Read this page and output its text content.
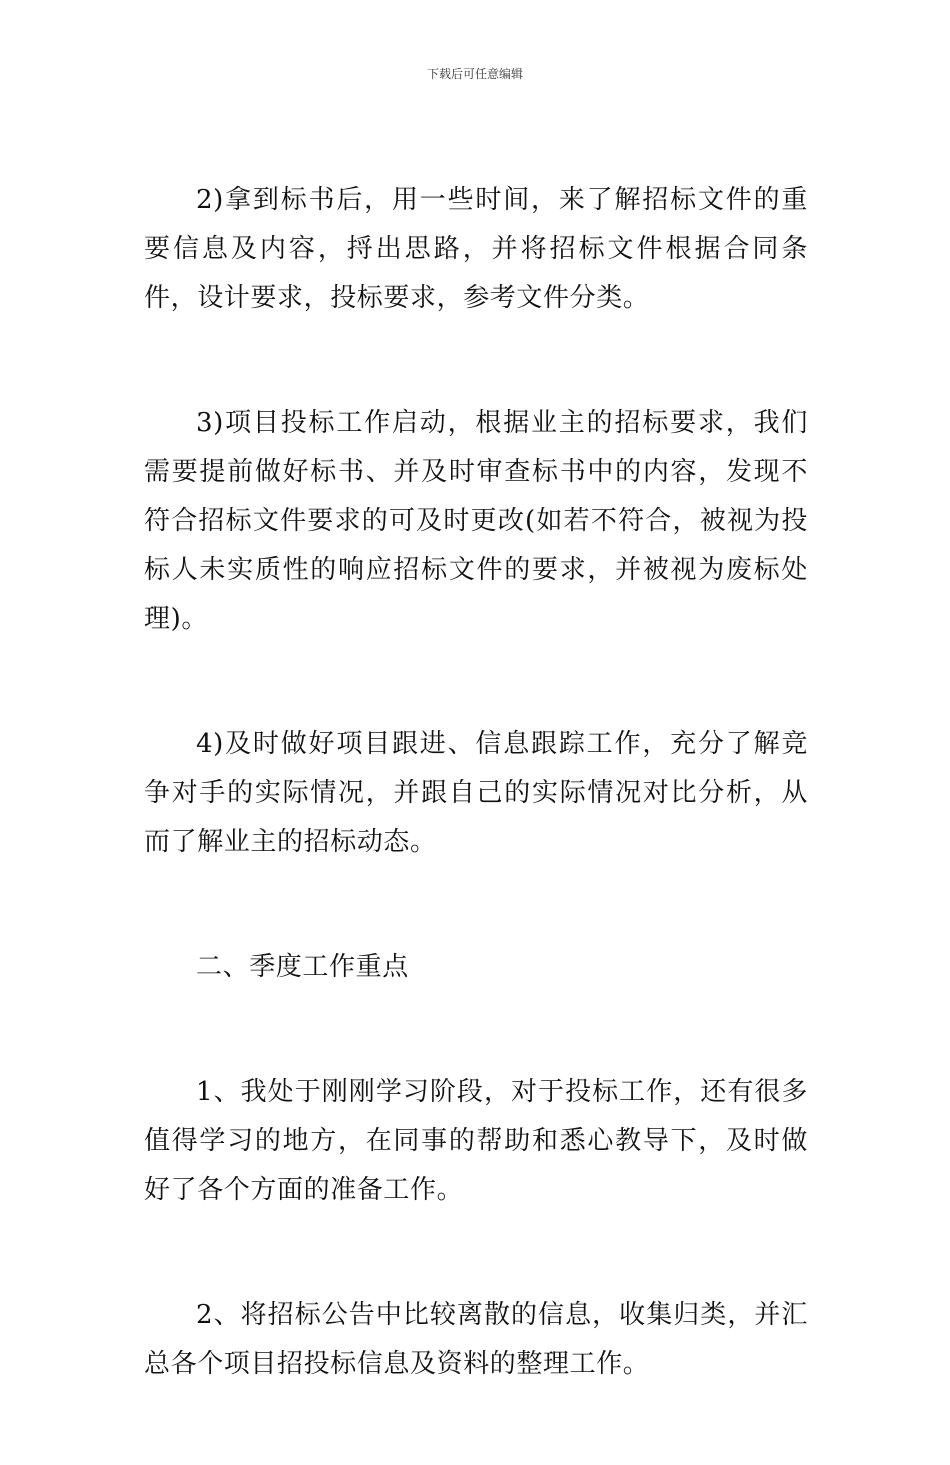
下载后可任意编辑

2)拿到标书后，用一些时间，来了解招标文件的重要信息及内容，捋出思路，并将招标文件根据合同条件，设计要求，投标要求，参考文件分类。

3)项目投标工作启动，根据业主的招标要求，我们需要提前做好标书、并及时审查标书中的内容，发现不符合招标文件要求的可及时更改(如若不符合，被视为投标人未实质性的响应招标文件的要求，并被视为废标处理)。

4)及时做好项目跟进、信息跟踪工作，充分了解竞争对手的实际情况，并跟自己的实际情况对比分析，从而了解业主的招标动态。

二、季度工作重点

1、我处于刚刚学习阶段，对于投标工作，还有很多值得学习的地方，在同事的帮助和悉心教导下，及时做好了各个方面的准备工作。

2、将招标公告中比较离散的信息，收集归类，并汇总各个项目招投标信息及资料的整理工作。
